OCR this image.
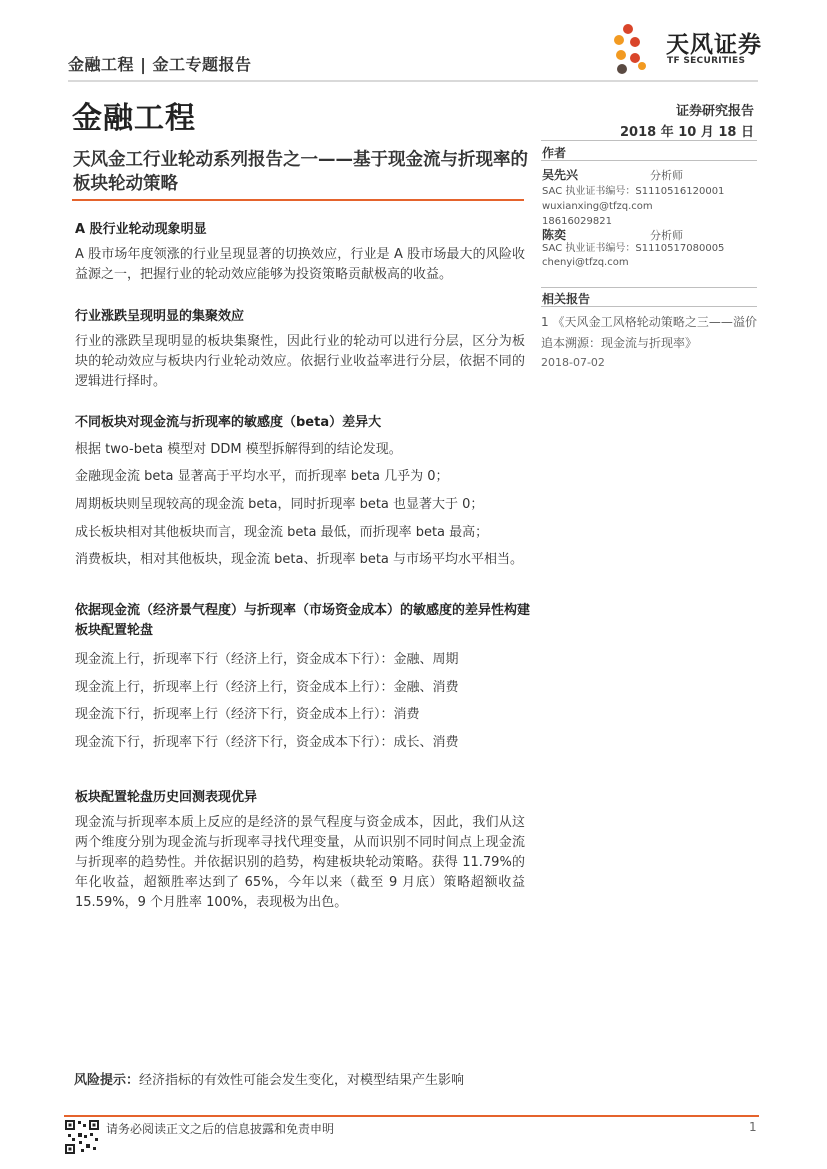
金融工程 | 金工专题报告
天风证券
TF SECURITIES
金融工程	证券研究报告
2018 年 10 月 18 日
天风金工行业轮动系列报告之一——基于现金流与折现率的板块轮动策略
作者
吴先兴	分析师
SAC 执业证书编号：S1110516120001
wuxianxing@tfzq.com
18616029821
陈奕	分析师
SAC 执业证书编号：S1110517080005
chenyi@tfzq.com
相关报告
1 《天风金工风格轮动策略之三——溢价追本溯源：现金流与折现率》
2018-07-02
A 股行业轮动现象明显
A 股市场年度领涨的行业呈现显著的切换效应，行业是 A 股市场最大的风险收益源之一，把握行业的轮动效应能够为投资策略贡献极高的收益。
行业涨跌呈现明显的集聚效应
行业的涨跌呈现明显的板块集聚性，因此行业的轮动可以进行分层，区分为板块的轮动效应与板块内行业轮动效应。依据行业收益率进行分层，依据不同的逻辑进行择时。
不同板块对现金流与折现率的敏感度（beta）差异大
根据 two-beta 模型对 DDM 模型拆解得到的结论发现。
金融现金流 beta 显著高于平均水平，而折现率 beta 几乎为 0；
周期板块则呈现较高的现金流 beta，同时折现率 beta 也显著大于 0；
成长板块相对其他板块而言，现金流 beta 最低，而折现率 beta 最高；
消费板块，相对其他板块，现金流 beta、折现率 beta 与市场平均水平相当。
依据现金流（经济景气程度）与折现率（市场资金成本）的敏感度的差异性构建板块配置轮盘
现金流上行，折现率下行（经济上行，资金成本下行）：金融、周期
现金流上行，折现率上行（经济上行，资金成本上行）：金融、消费
现金流下行，折现率上行（经济下行，资金成本上行）：消费
现金流下行，折现率下行（经济下行，资金成本下行）：成长、消费
板块配置轮盘历史回测表现优异
现金流与折现率本质上反应的是经济的景气程度与资金成本，因此，我们从这两个维度分别为现金流与折现率寻找代理变量，从而识别不同时间点上现金流与折现率的趋势性。并依据识别的趋势，构建板块轮动策略。获得 11.79%的年化收益，超额胜率达到了 65%，今年以来（截至 9 月底）策略超额收益 15.59%，9 个月胜率 100%，表现极为出色。
风险提示：经济指标的有效性可能会发生变化，对模型结果产生影响
请务必阅读正文之后的信息披露和免责申明	1
